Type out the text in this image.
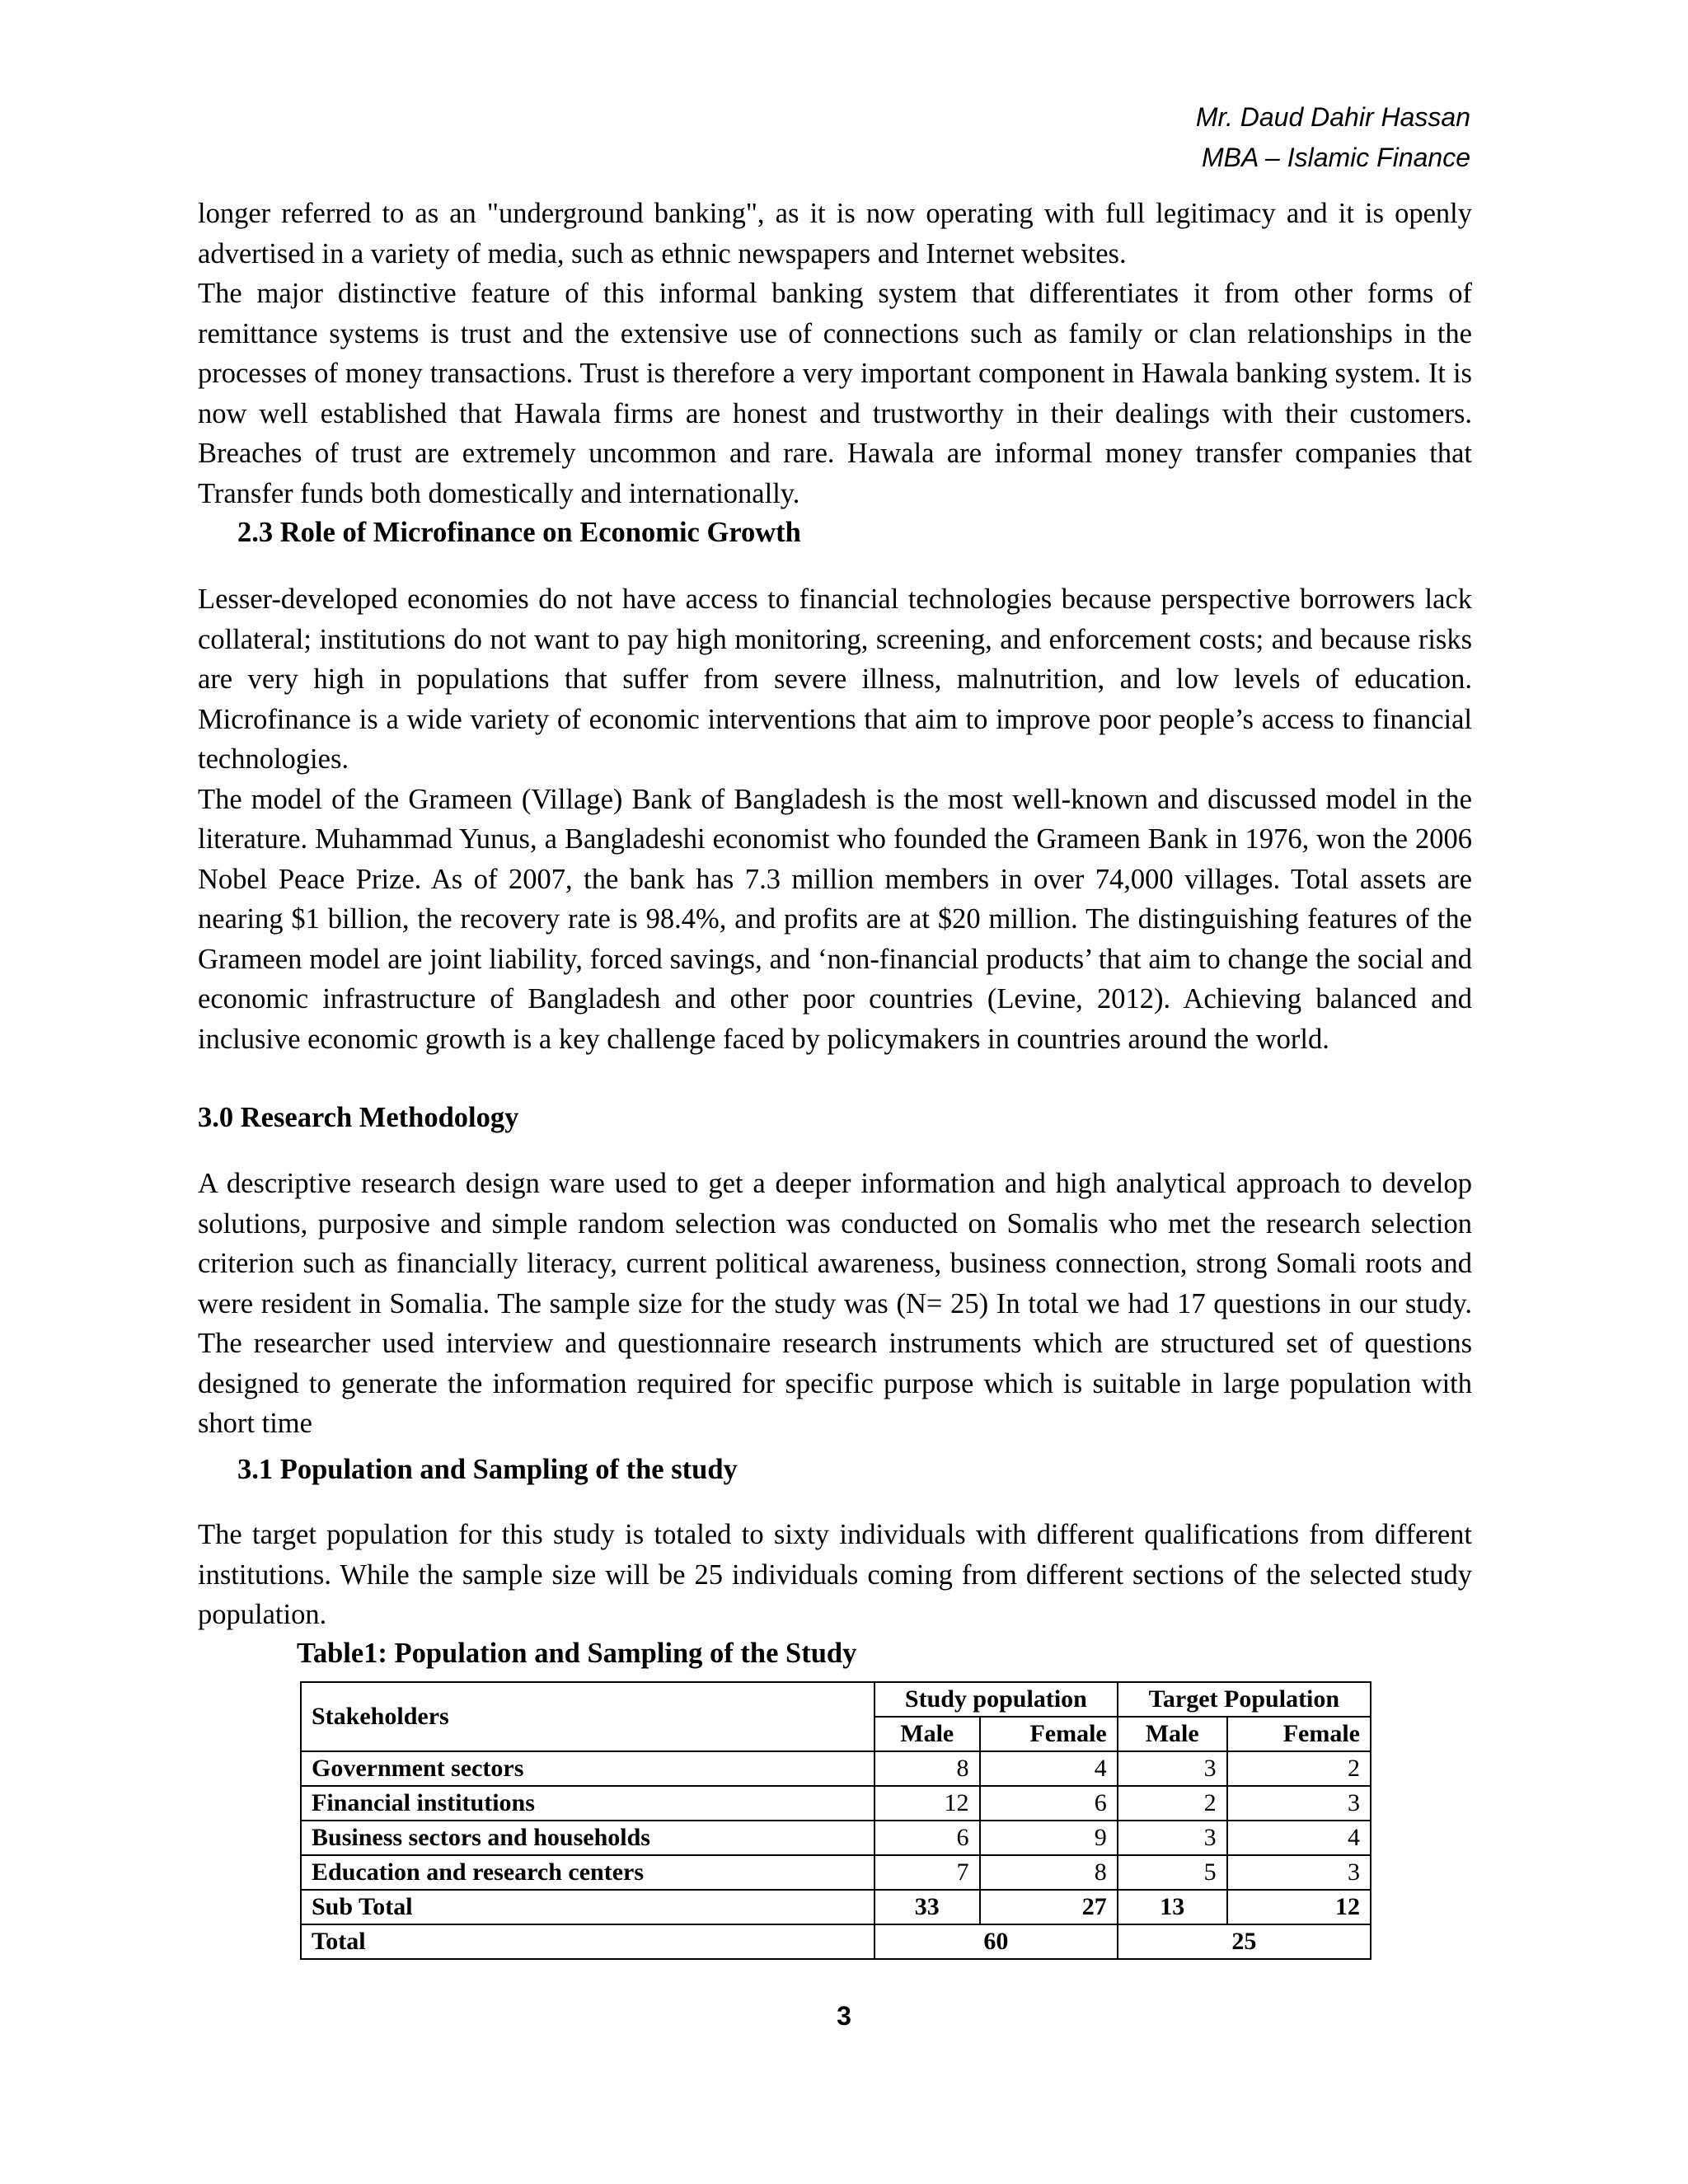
Mr. Daud Dahir Hassan
MBA – Islamic Finance

longer referred to as an "underground banking", as it is now operating with full legitimacy and it is openly advertised in a variety of media, such as ethnic newspapers and Internet websites.

The major distinctive feature of this informal banking system that differentiates it from other forms of remittance systems is trust and the extensive use of connections such as family or clan relationships in the processes of money transactions. Trust is therefore a very important component in Hawala banking system. It is now well established that Hawala firms are honest and trustworthy in their dealings with their customers. Breaches of trust are extremely uncommon and rare. Hawala are informal money transfer companies that Transfer funds both domestically and internationally.

2.3 Role of Microfinance on Economic Growth

Lesser-developed economies do not have access to financial technologies because perspective borrowers lack collateral; institutions do not want to pay high monitoring, screening, and enforcement costs; and because risks are very high in populations that suffer from severe illness, malnutrition, and low levels of education. Microfinance is a wide variety of economic interventions that aim to improve poor people’s access to financial technologies.

The model of the Grameen (Village) Bank of Bangladesh is the most well-known and discussed model in the literature. Muhammad Yunus, a Bangladeshi economist who founded the Grameen Bank in 1976, won the 2006 Nobel Peace Prize. As of 2007, the bank has 7.3 million members in over 74,000 villages. Total assets are nearing $1 billion, the recovery rate is 98.4%, and profits are at $20 million. The distinguishing features of the Grameen model are joint liability, forced savings, and ‘non-financial products’ that aim to change the social and economic infrastructure of Bangladesh and other poor countries (Levine, 2012). Achieving balanced and inclusive economic growth is a key challenge faced by policymakers in countries around the world.

3.0 Research Methodology

A descriptive research design ware used to get a deeper information and high analytical approach to develop solutions, purposive and simple random selection was conducted on Somalis who met the research selection criterion such as financially literacy, current political awareness, business connection, strong Somali roots and were resident in Somalia. The sample size for the study was (N= 25) In total we had 17 questions in our study. The researcher used interview and questionnaire research instruments which are structured set of questions designed to generate the information required for specific purpose which is suitable in large population with short time

3.1 Population and Sampling of the study

The target population for this study is totaled to sixty individuals with different qualifications from different institutions. While the sample size will be 25 individuals coming from different sections of the selected study population.

Table1: Population and Sampling of the Study
Stakeholders	Study population		Target Population	
	Male	Female	Male	Female
Government sectors	8	4	3	2
Financial institutions	12	6	2	3
Business sectors and households	6	9	3	4
Education and research centers	7	8	5	3
Sub Total	33	27	13	12
Total	60		25	
3
